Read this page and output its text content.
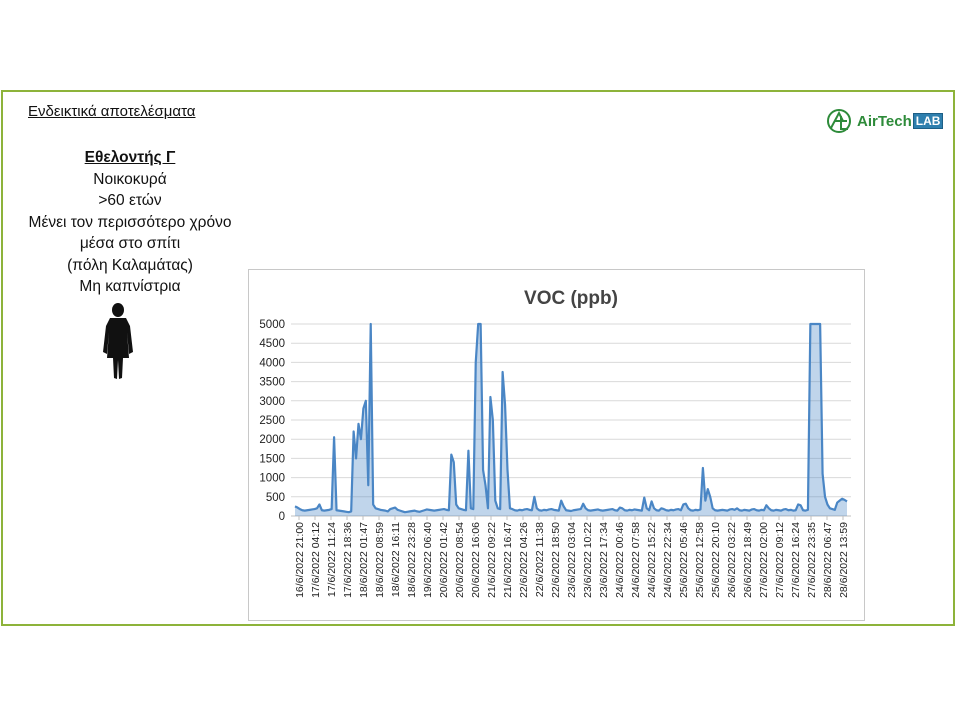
Ενδεικτικά αποτελέσματα
Εθελοντής Γ
Νοικοκυρά
>60 ετών
Μένει τον περισσότερο χρόνο
μέσα στο σπίτι
(πόλη Καλαμάτας)
Μη καπνίστρια
AirTech LAB
VOC (ppb)
0
500
1000
1500
2000
2500
3000
3500
4000
4500
5000
16/6/2022 21:00 17/6/2022 04:12 17/6/2022 11:24 17/6/2022 18:36 18/6/2022 01:47 18/6/2022 08:59 18/6/2022 16:11 18/6/2022 23:28 19/6/2022 06:40 20/6/2022 01:42 20/6/2022 08:54 20/6/2022 16:06 21/6/2022 09:22 21/6/2022 16:47 22/6/2022 04:26 22/6/2022 11:38 22/6/2022 18:50 23/6/2022 03:04 23/6/2022 10:22 23/6/2022 17:34 24/6/2022 00:46 24/6/2022 07:58 24/6/2022 15:22 24/6/2022 22:34 25/6/2022 05:46 25/6/2022 12:58 25/6/2022 20:10 26/6/2022 03:22 26/6/2022 18:49 27/6/2022 02:00 27/6/2022 09:12 27/6/2022 16:24 27/6/2022 23:35 28/6/2022 06:47 28/6/2022 13:59
